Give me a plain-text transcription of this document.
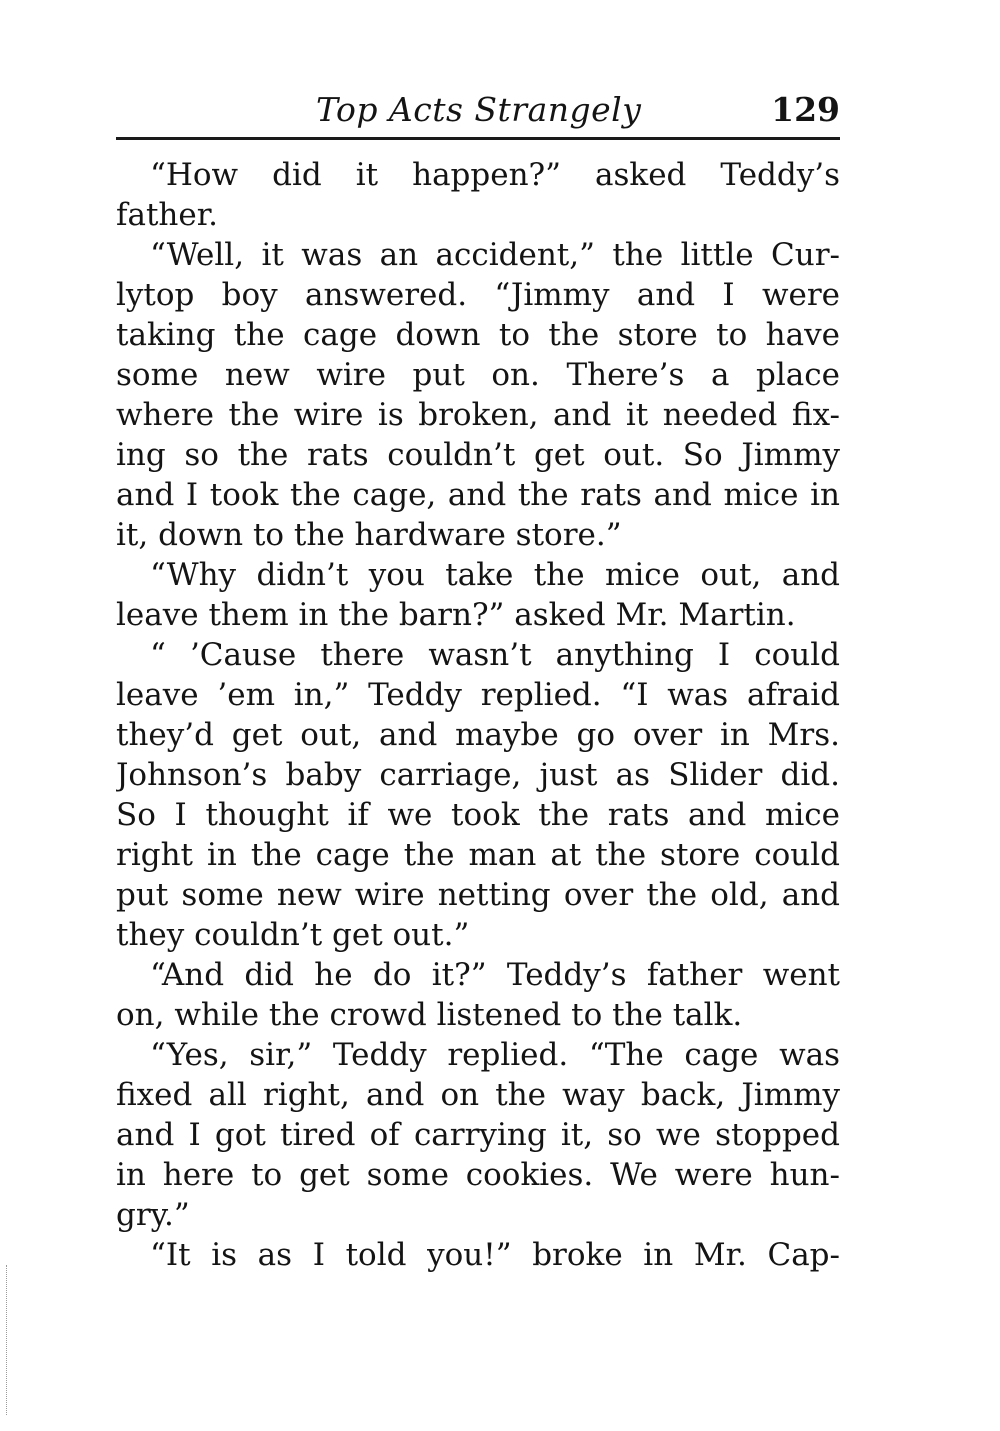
Top Acts Strangely	129
“How did it happen?” asked Teddy’s
father.
“Well, it was an accident,” the little Cur-
lytop boy answered. “Jimmy and I were
taking the cage down to the store to have
some new wire put on. There’s a place
where the wire is broken, and it needed fix-
ing so the rats couldn’t get out. So Jimmy
and I took the cage, and the rats and mice in
it, down to the hardware store.”
“Why didn’t you take the mice out, and
leave them in the barn?” asked Mr. Martin.
“ ’Cause there wasn’t anything I could
leave ’em in,” Teddy replied. “I was afraid
they’d get out, and maybe go over in Mrs.
Johnson’s baby carriage, just as Slider did.
So I thought if we took the rats and mice
right in the cage the man at the store could
put some new wire netting over the old, and
they couldn’t get out.”
“And did he do it?” Teddy’s father went
on, while the crowd listened to the talk.
“Yes, sir,” Teddy replied. “The cage was
fixed all right, and on the way back, Jimmy
and I got tired of carrying it, so we stopped
in here to get some cookies. We were hun-
gry.”
“It is as I told you!” broke in Mr. Cap-
